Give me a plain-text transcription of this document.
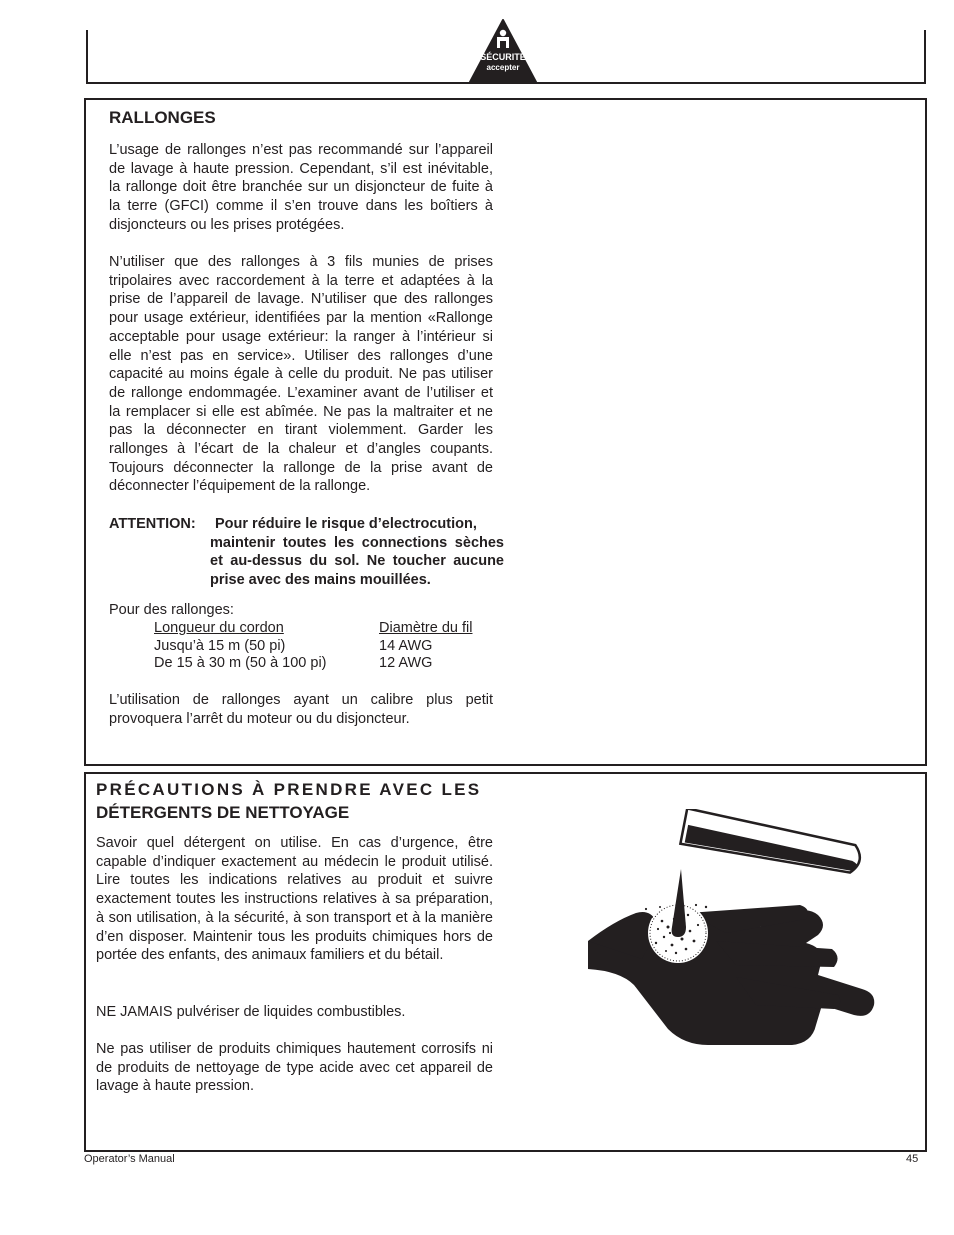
SÉCURITÉ
accepter
RALLONGES

L’usage de rallonges n’est pas recommandé sur l’appareil de lavage à haute pression. Cependant, s’il est inévitable, la rallonge doit être branchée sur un disjoncteur de fuite à la terre (GFCI) comme il s’en trouve dans les boîtiers à disjoncteurs ou les prises protégées.

N’utiliser que des rallonges à 3 fils munies de prises tripolaires avec raccordement à la terre et adaptées à la prise de l’appareil de lavage. N’utiliser que des rallonges pour usage extérieur, identifiées par la mention «Rallonge acceptable pour usage extérieur: la ranger à l’intérieur si elle n’est pas en service». Utiliser des rallonges d’une capacité au moins égale à celle du produit. Ne pas utiliser de rallonge endommagée. L’examiner avant de l’utiliser et la remplacer si elle est abîmée. Ne pas la maltraiter et ne pas la déconnecter en tirant violemment. Garder les rallonges à l’écart de la chaleur et d’angles coupants. Toujours déconnecter la rallonge de la prise avant de déconnecter l’équipement de la rallonge.

ATTENTION:	Pour réduire le risque d’electrocution,
maintenir toutes les connections sèches et au-dessus du sol. Ne toucher aucune prise avec des mains mouillées.
Pour des rallonges:
Longueur du cordon	Diamètre du fil
Jusqu’à 15 m (50 pi)	14 AWG
De 15 à 30 m (50 à 100 pi)	12 AWG

L’utilisation de rallonges ayant un calibre plus petit provoquera l’arrêt du moteur ou du disjoncteur.

PRÉCAUTIONS À PRENDRE AVEC LES
DÉTERGENTS DE NETTOYAGE

Savoir quel détergent on utilise. En cas d’urgence, être capable d’indiquer exactement au médecin le produit utilisé. Lire toutes les indications relatives au produit et suivre exactement toutes les instructions relatives à sa préparation, à son utilisation, à la sécurité, à son transport et à la manière d’en disposer. Maintenir tous les produits chimiques hors de portée des enfants, des animaux familiers et du bétail.

NE JAMAIS pulvériser de liquides combustibles.

Ne pas utiliser de produits chimiques hautement corrosifs ni de produits de nettoyage de type acide avec cet appareil de lavage à haute pression.

Operator’s Manual	45
